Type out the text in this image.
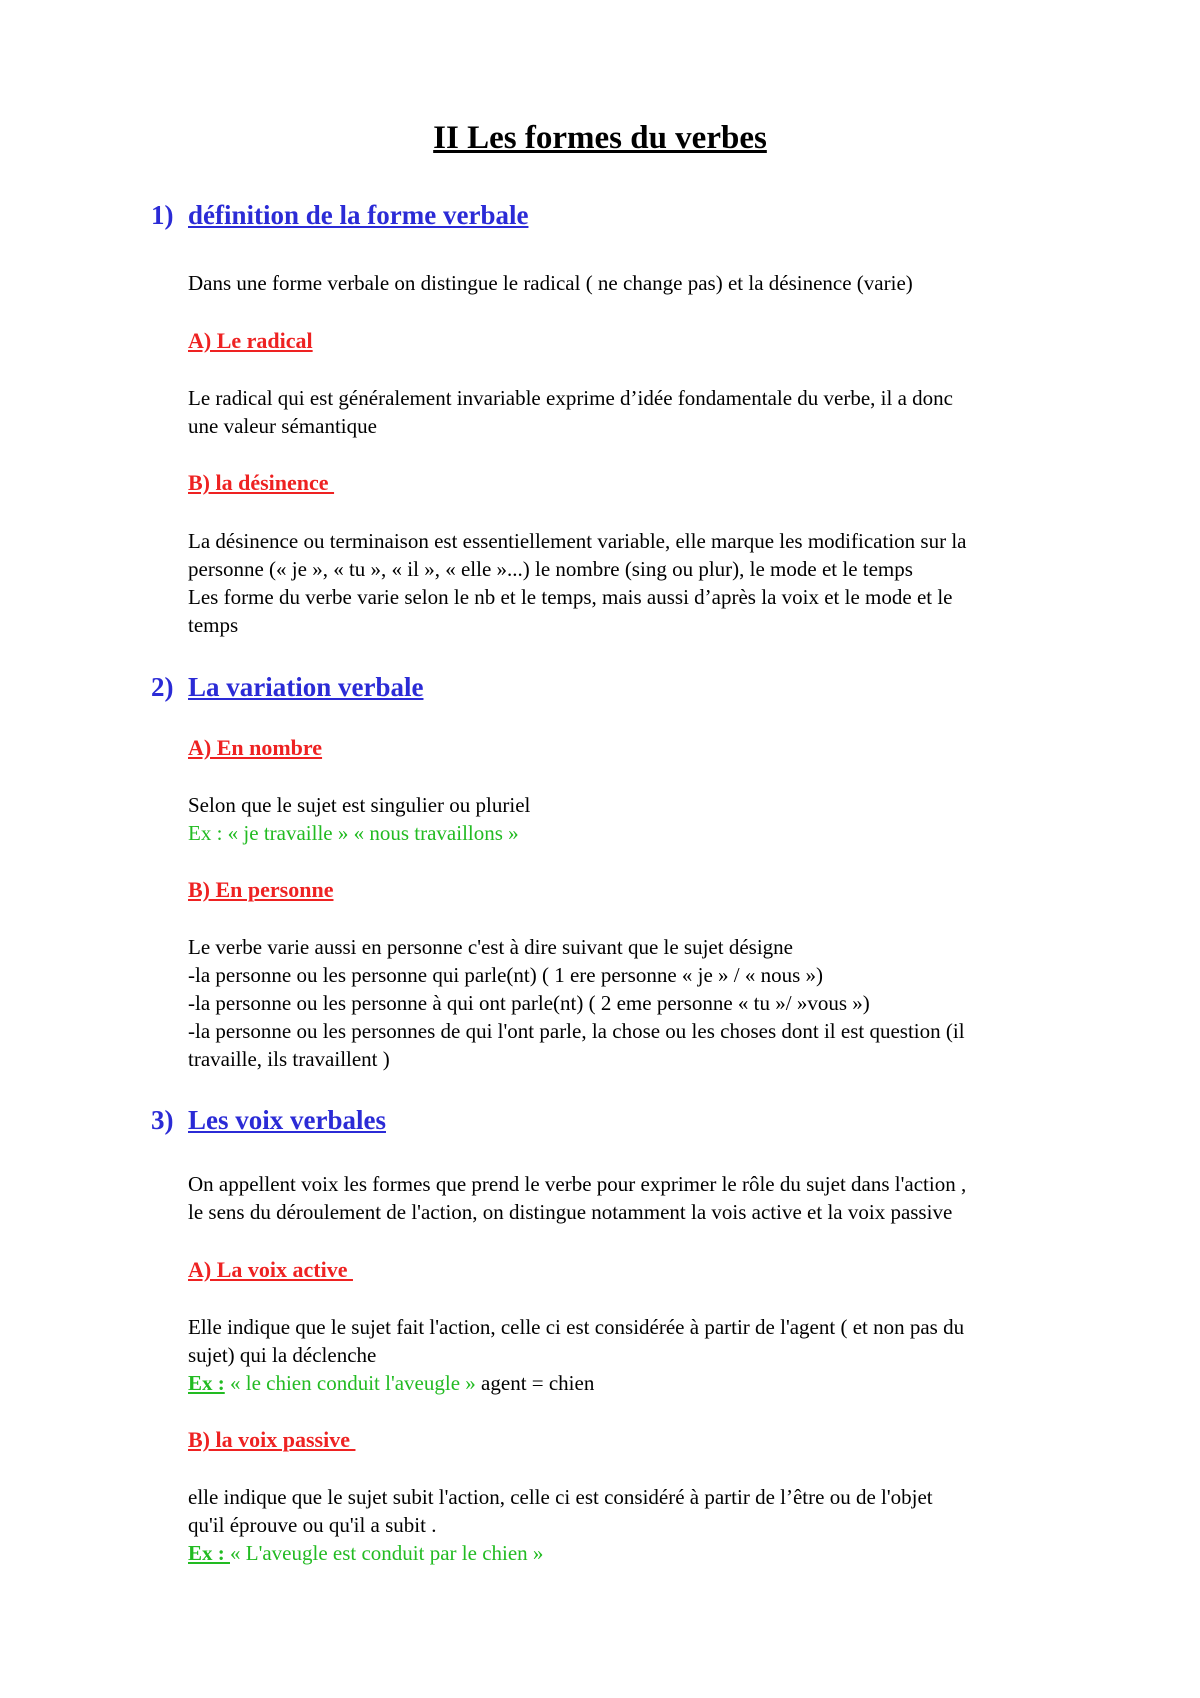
II Les formes du verbes
1) définition de la forme verbale
Dans une forme verbale on distingue le radical ( ne change pas) et la désinence (varie)
A) Le radical
Le radical qui est généralement invariable exprime d’idée fondamentale du verbe, il a donc
une valeur sémantique
B) la désinence
La désinence ou terminaison est essentiellement variable, elle marque les modification sur la
personne (« je », « tu », « il », « elle »...) le nombre (sing ou plur), le mode et le temps
Les forme du verbe varie selon le nb et le temps, mais aussi d’après la voix et le mode et le
temps
2) La variation verbale
A) En nombre
Selon que le sujet est singulier ou pluriel
Ex : « je travaille » « nous travaillons »
B) En personne
Le verbe varie aussi en personne c'est à dire suivant que le sujet désigne
-la personne ou les personne qui parle(nt) ( 1 ere personne « je » / « nous »)
-la personne ou les personne à qui ont parle(nt) ( 2 eme personne « tu »/ »vous »)
-la personne ou les personnes de qui l'ont parle, la chose ou les choses dont il est question (il
travaille, ils travaillent )
3) Les voix verbales
On appellent voix les formes que prend le verbe pour exprimer le rôle du sujet dans l'action ,
le sens du déroulement de l'action, on distingue notamment la vois active et la voix passive
A) La voix active
Elle indique que le sujet fait l'action, celle ci est considérée à partir de l'agent ( et non pas du
sujet) qui la déclenche
Ex : « le chien conduit l'aveugle » agent = chien
B) la voix passive
elle indique que le sujet subit l'action, celle ci est considéré à partir de l’être ou de l'objet
qu'il éprouve ou qu'il a subit .
Ex : « L'aveugle est conduit par le chien »
